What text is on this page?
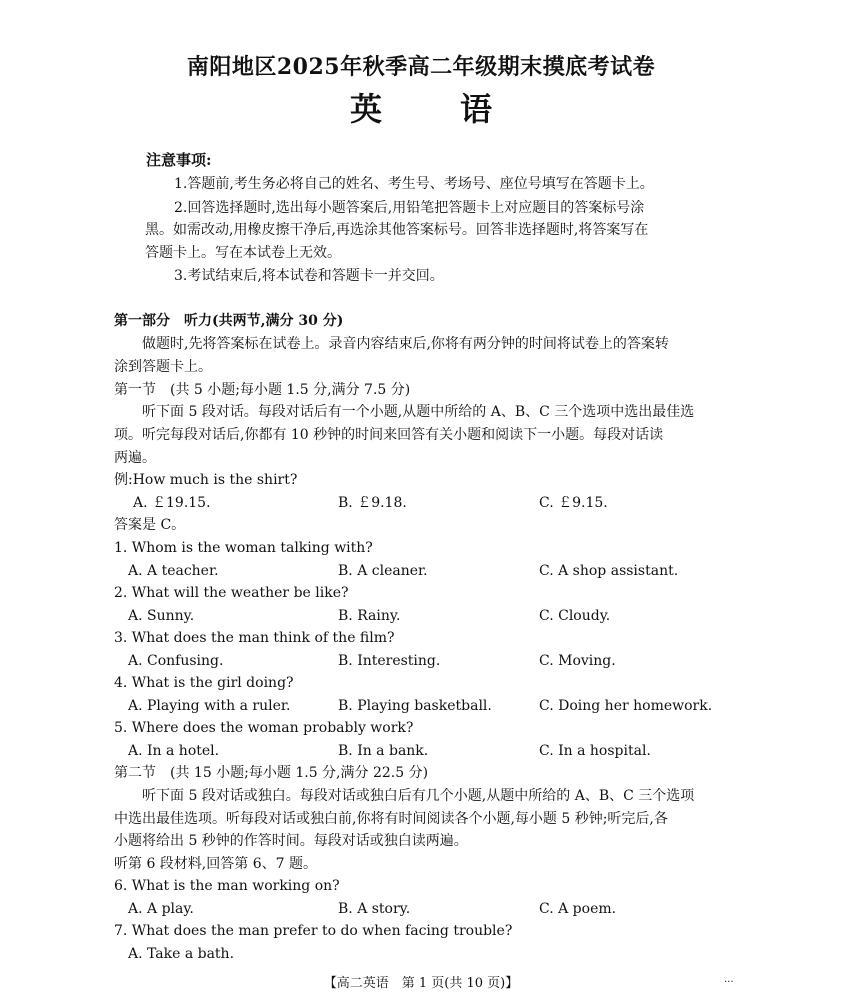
南阳地区2025年秋季高二年级期末摸底考试卷
英 语
注意事项:
1.答题前,考生务必将自己的姓名、考生号、考场号、座位号填写在答题卡上。
2.回答选择题时,选出每小题答案后,用铅笔把答题卡上对应题目的答案标号涂
黑。如需改动,用橡皮擦干净后,再选涂其他答案标号。回答非选择题时,将答案写在
答题卡上。写在本试卷上无效。
3.考试结束后,将本试卷和答题卡一并交回。
第一部分　听力(共两节,满分 30 分)
做题时,先将答案标在试卷上。录音内容结束后,你将有两分钟的时间将试卷上的答案转
涂到答题卡上。
第一节　(共 5 小题;每小题 1.5 分,满分 7.5 分)
听下面 5 段对话。每段对话后有一个小题,从题中所给的 A、B、C 三个选项中选出最佳选
项。听完每段对话后,你都有 10 秒钟的时间来回答有关小题和阅读下一小题。每段对话读
两遍。
例:How much is the shirt?
A. ￡19.15.	B. ￡9.18.	C. ￡9.15.
答案是 C。
1. Whom is the woman talking with?
A. A teacher.	B. A cleaner.	C. A shop assistant.
2. What will the weather be like?
A. Sunny.	B. Rainy.	C. Cloudy.
3. What does the man think of the film?
A. Confusing.	B. Interesting.	C. Moving.
4. What is the girl doing?
A. Playing with a ruler.	B. Playing basketball.	C. Doing her homework.
5. Where does the woman probably work?
A. In a hotel.	B. In a bank.	C. In a hospital.
第二节　(共 15 小题;每小题 1.5 分,满分 22.5 分)
听下面 5 段对话或独白。每段对话或独白后有几个小题,从题中所给的 A、B、C 三个选项
中选出最佳选项。听每段对话或独白前,你将有时间阅读各个小题,每小题 5 秒钟;听完后,各
小题将给出 5 秒钟的作答时间。每段对话或独白读两遍。
听第 6 段材料,回答第 6、7 题。
6. What is the man working on?
A. A play.	B. A story.	C. A poem.
7. What does the man prefer to do when facing trouble?
A. Take a bath.
【高二英语　第 1 页(共 10 页)】	...
